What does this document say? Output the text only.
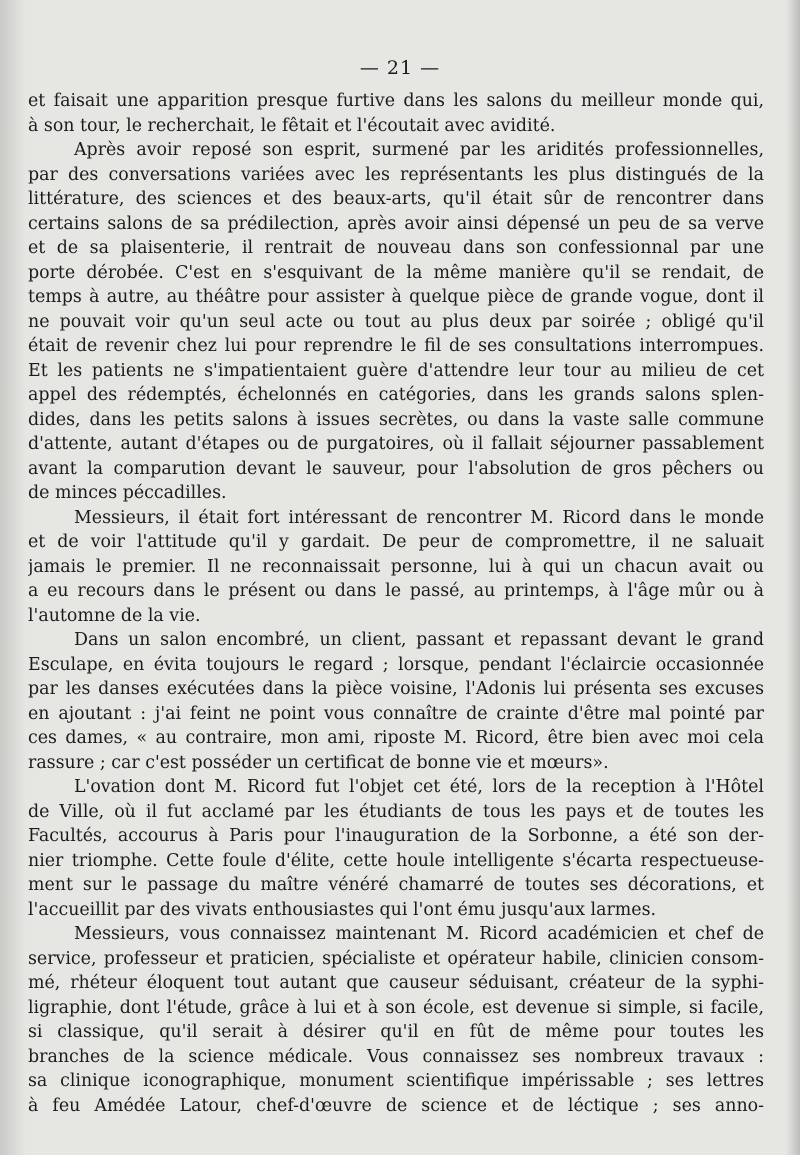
— 21 —
et faisait une apparition presque furtive dans les salons du meilleur monde qui,
à son tour, le recherchait, le fêtait et l'écoutait avec avidité.
Après avoir reposé son esprit, surmené par les aridités professionnelles,
par des conversations variées avec les représentants les plus distingués de la
littérature, des sciences et des beaux-arts, qu'il était sûr de rencontrer dans
certains salons de sa prédilection, après avoir ainsi dépensé un peu de sa verve
et de sa plaisenterie, il rentrait de nouveau dans son confessionnal par une
porte dérobée. C'est en s'esquivant de la même manière qu'il se rendait, de
temps à autre, au théâtre pour assister à quelque pièce de grande vogue, dont il
ne pouvait voir qu'un seul acte ou tout au plus deux par soirée ; obligé qu'il
était de revenir chez lui pour reprendre le fil de ses consultations interrompues.
Et les patients ne s'impatientaient guère d'attendre leur tour au milieu de cet
appel des rédemptés, échelonnés en catégories, dans les grands salons splen-
dides, dans les petits salons à issues secrètes, ou dans la vaste salle commune
d'attente, autant d'étapes ou de purgatoires, où il fallait séjourner passablement
avant la comparution devant le sauveur, pour l'absolution de gros pêchers ou
de minces péccadilles.
Messieurs, il était fort intéressant de rencontrer M. Ricord dans le monde
et de voir l'attitude qu'il y gardait. De peur de compromettre, il ne saluait
jamais le premier. Il ne reconnaissait personne, lui à qui un chacun avait ou
a eu recours dans le présent ou dans le passé, au printemps, à l'âge mûr ou à
l'automne de la vie.
Dans un salon encombré, un client, passant et repassant devant le grand
Esculape, en évita toujours le regard ; lorsque, pendant l'éclaircie occasionnée
par les danses exécutées dans la pièce voisine, l'Adonis lui présenta ses excuses
en ajoutant : j'ai feint ne point vous connaître de crainte d'être mal pointé par
ces dames, « au contraire, mon ami, riposte M. Ricord, être bien avec moi cela
rassure ; car c'est posséder un certificat de bonne vie et mœurs».
L'ovation dont M. Ricord fut l'objet cet été, lors de la reception à l'Hôtel
de Ville, où il fut acclamé par les étudiants de tous les pays et de toutes les
Facultés, accourus à Paris pour l'inauguration de la Sorbonne, a été son der-
nier triomphe. Cette foule d'élite, cette houle intelligente s'écarta respectueuse-
ment sur le passage du maître vénéré chamarré de toutes ses décorations, et
l'accueillit par des vivats enthousiastes qui l'ont ému jusqu'aux larmes.
Messieurs, vous connaissez maintenant M. Ricord académicien et chef de
service, professeur et praticien, spécialiste et opérateur habile, clinicien consom-
mé, rhéteur éloquent tout autant que causeur séduisant, créateur de la syphi-
ligraphie, dont l'étude, grâce à lui et à son école, est devenue si simple, si facile,
si classique, qu'il serait à désirer qu'il en fût de même pour toutes les
branches de la science médicale. Vous connaissez ses nombreux travaux :
sa clinique iconographique, monument scientifique impérissable ; ses lettres
à feu Amédée Latour, chef-d'œuvre de science et de léctique ; ses anno-
